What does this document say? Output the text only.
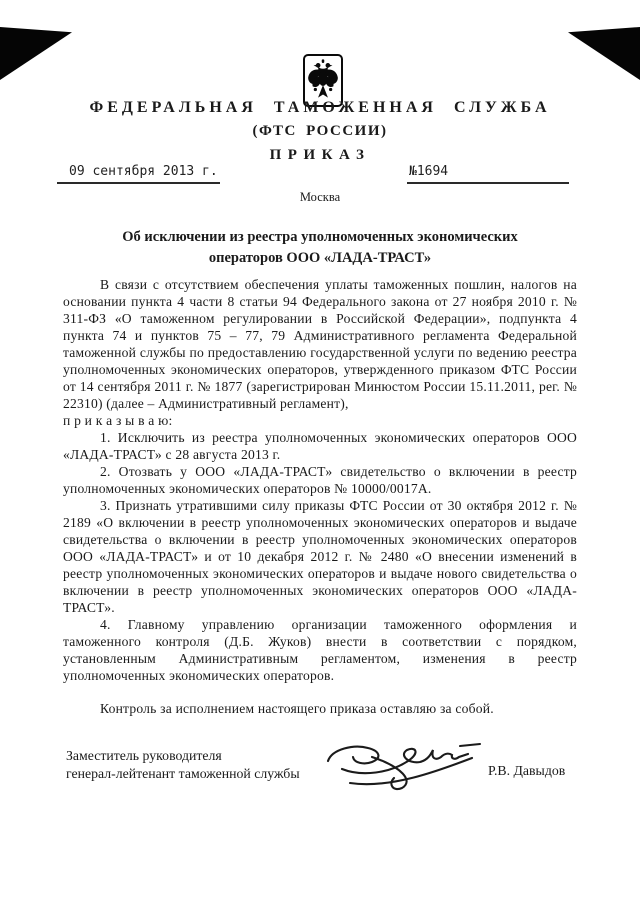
ФЕДЕРАЛЬНАЯ ТАМОЖЕННАЯ СЛУЖБА
(ФТС РОССИИ)
ПРИКАЗ
09 сентября 2013 г.	№1694
Москва
Об исключении из реестра уполномоченных экономических операторов ООО «ЛАДА-ТРАСТ»

В связи с отсутствием обеспечения уплаты таможенных пошлин, налогов на основании пункта 4 части 8 статьи 94 Федерального закона от 27 ноября 2010 г. № 311-ФЗ «О таможенном регулировании в Российской Федерации», подпункта 4 пункта 74 и пунктов 75 – 77, 79 Административного регламента Федеральной таможенной службы по предоставлению государственной услуги по ведению реестра уполномоченных экономических операторов, утвержденного приказом ФТС России от 14 сентября 2011 г. № 1877 (зарегистрирован Минюстом России 15.11.2011, рег. № 22310) (далее – Административный регламент),

п р и к а з ы в а ю:

1. Исключить из реестра уполномоченных экономических операторов ООО «ЛАДА-ТРАСТ» с 28 августа 2013 г.

2. Отозвать у ООО «ЛАДА-ТРАСТ» свидетельство о включении в реестр уполномоченных экономических операторов № 10000/0017А.

3. Признать утратившими силу приказы ФТС России от 30 октября 2012 г. № 2189 «О включении в реестр уполномоченных экономических операторов и выдаче свидетельства о включении в реестр уполномоченных экономических операторов ООО «ЛАДА-ТРАСТ» и от 10 декабря 2012 г. № 2480 «О внесении изменений в реестр уполномоченных экономических операторов и выдаче нового свидетельства о включении в реестр уполномоченных экономических операторов ООО «ЛАДА-ТРАСТ».

4. Главному управлению организации таможенного оформления и таможенного контроля (Д.Б. Жуков) внести в соответствии с порядком, установленным Административным регламентом, изменения в реестр уполномоченных экономических операторов.

Контроль за исполнением настоящего приказа оставляю за собой.

Заместитель руководителя
генерал-лейтенант таможенной службы	Р.В. Давыдов
